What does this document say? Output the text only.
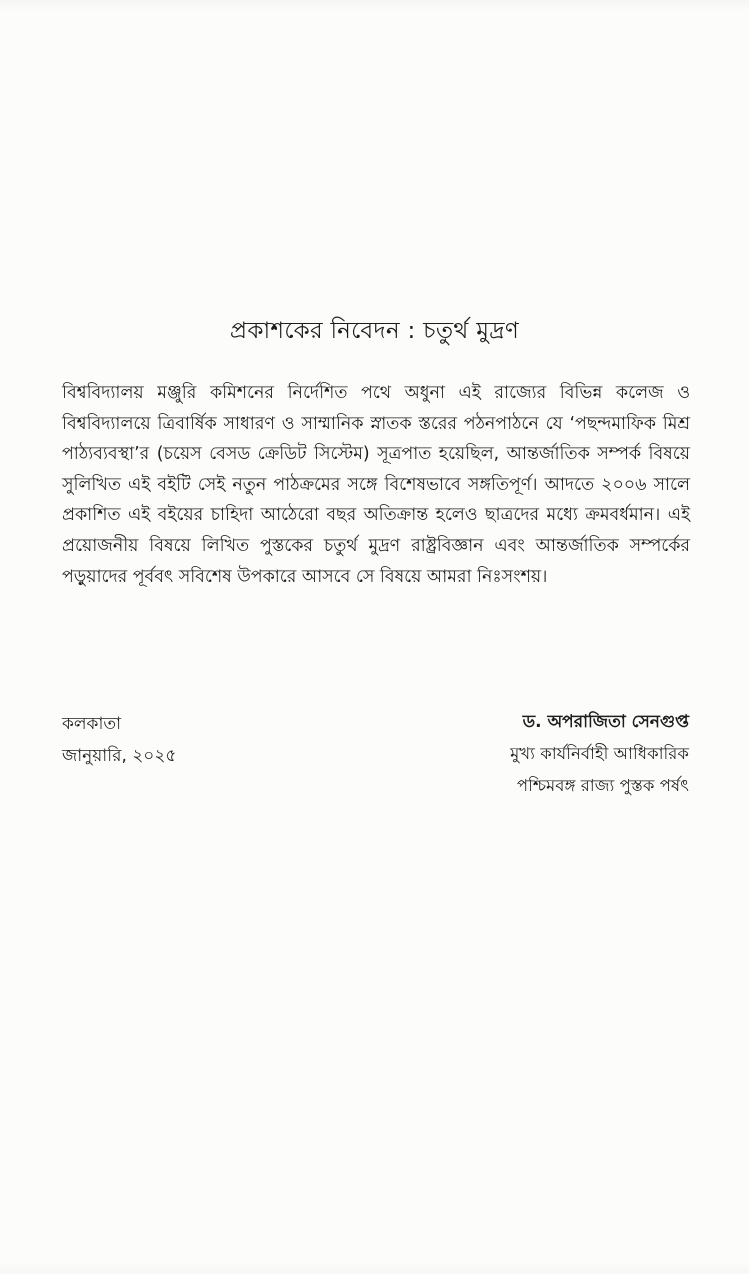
প্রকাশকের নিবেদন : চতুর্থ মুদ্রণ

বিশ্ববিদ্যালয় মঞ্জুরি কমিশনের নির্দেশিত পথে অধুনা এই রাজ্যের বিভিন্ন কলেজ ও বিশ্ববিদ্যালয়ে ত্রিবার্ষিক সাধারণ ও সাম্মানিক স্নাতক স্তরের পঠনপাঠনে যে ‘পছন্দমাফিক মিশ্র পাঠ্যব্যবস্থা’র (চয়েস বেসড ক্রেডিট সিস্টেম) সূত্রপাত হয়েছিল, আন্তর্জাতিক সম্পর্ক বিষয়ে সুলিখিত এই বইটি সেই নতুন পাঠক্রমের সঙ্গে বিশেষভাবে সঙ্গতিপূর্ণ। আদতে ২০০৬ সালে প্রকাশিত এই বইয়ের চাহিদা আঠেরো বছর অতিক্রান্ত হলেও ছাত্রদের মধ্যে ক্রমবর্ধমান। এই প্রয়োজনীয় বিষয়ে লিখিত পুস্তকের চতুর্থ মুদ্রণ রাষ্ট্রবিজ্ঞান এবং আন্তর্জাতিক সম্পর্কের পড়ুয়াদের পূর্ববৎ সবিশেষ উপকারে আসবে সে বিষয়ে আমরা নিঃসংশয়।

কলকাতা
জানুয়ারি, ২০২৫
ড. অপরাজিতা সেনগুপ্ত
মুখ্য কার্যনির্বাহী আধিকারিক
পশ্চিমবঙ্গ রাজ্য পুস্তক পর্ষৎ
